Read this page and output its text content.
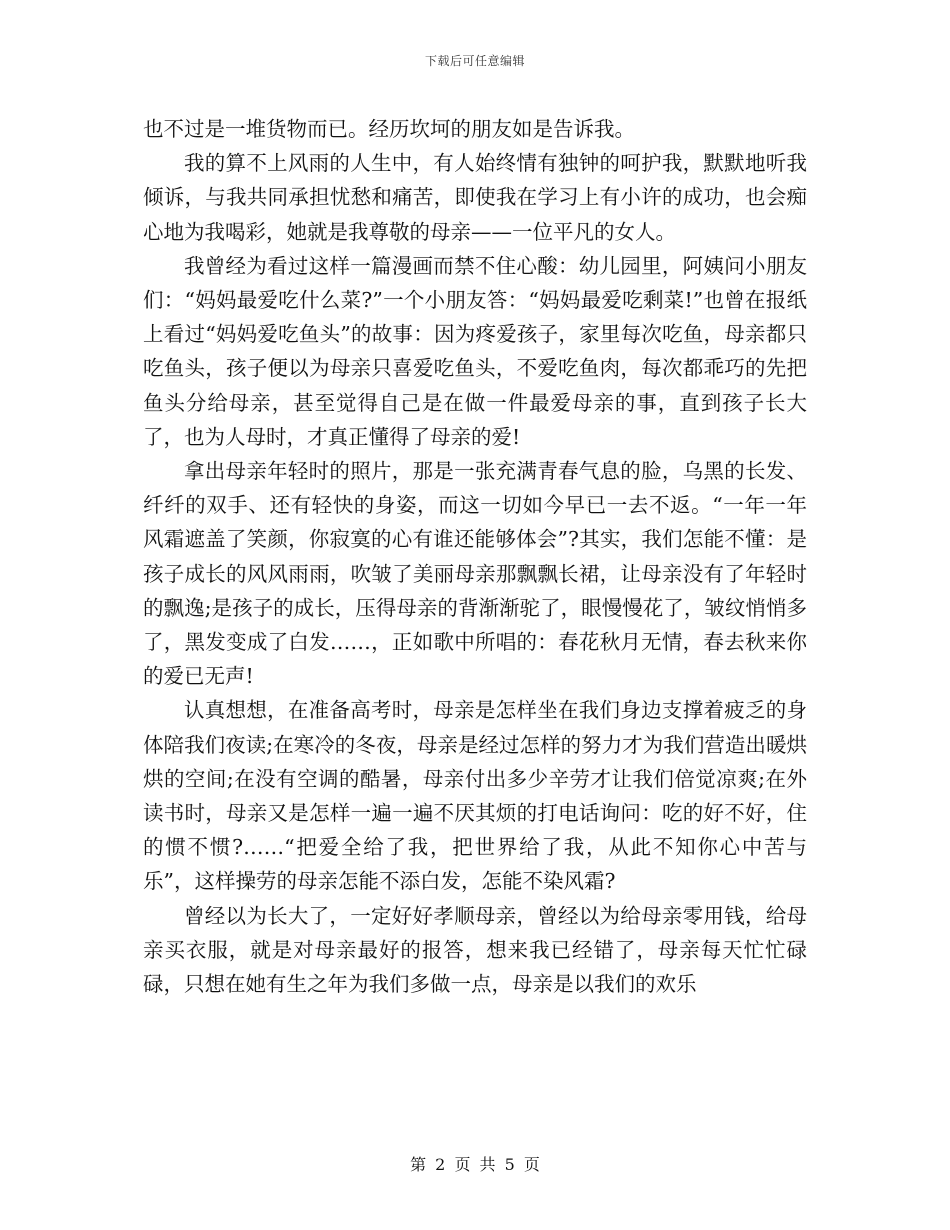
下载后可任意编辑

也不过是一堆货物而已。经历坎坷的朋友如是告诉我。

我的算不上风雨的人生中，有人始终情有独钟的呵护我，默默地听我倾诉，与我共同承担忧愁和痛苦，即使我在学习上有小许的成功，也会痴心地为我喝彩，她就是我尊敬的母亲——一位平凡的女人。

我曾经为看过这样一篇漫画而禁不住心酸：幼儿园里，阿姨问小朋友们：“妈妈最爱吃什么菜?”一个小朋友答：“妈妈最爱吃剩菜!”也曾在报纸上看过“妈妈爱吃鱼头”的故事：因为疼爱孩子，家里每次吃鱼，母亲都只吃鱼头，孩子便以为母亲只喜爱吃鱼头，不爱吃鱼肉，每次都乖巧的先把鱼头分给母亲，甚至觉得自己是在做一件最爱母亲的事，直到孩子长大了，也为人母时，才真正懂得了母亲的爱!

拿出母亲年轻时的照片，那是一张充满青春气息的脸，乌黑的长发、纤纤的双手、还有轻快的身姿，而这一切如今早已一去不返。“一年一年风霜遮盖了笑颜，你寂寞的心有谁还能够体会”?其实，我们怎能不懂：是孩子成长的风风雨雨，吹皱了美丽母亲那飘飘长裙，让母亲没有了年轻时的飘逸;是孩子的成长，压得母亲的背渐渐驼了，眼慢慢花了，皱纹悄悄多了，黑发变成了白发……，正如歌中所唱的：春花秋月无情，春去秋来你的爱已无声!

认真想想，在准备高考时，母亲是怎样坐在我们身边支撑着疲乏的身体陪我们夜读;在寒冷的冬夜，母亲是经过怎样的努力才为我们营造出暖烘烘的空间;在没有空调的酷暑，母亲付出多少辛劳才让我们倍觉凉爽;在外读书时，母亲又是怎样一遍一遍不厌其烦的打电话询问：吃的好不好，住的惯不惯?……“把爱全给了我，把世界给了我，从此不知你心中苦与乐”，这样操劳的母亲怎能不添白发，怎能不染风霜?

曾经以为长大了，一定好好孝顺母亲，曾经以为给母亲零用钱，给母亲买衣服，就是对母亲最好的报答，想来我已经错了，母亲每天忙忙碌碌，只想在她有生之年为我们多做一点，母亲是以我们的欢乐

第 2 页 共 5 页
